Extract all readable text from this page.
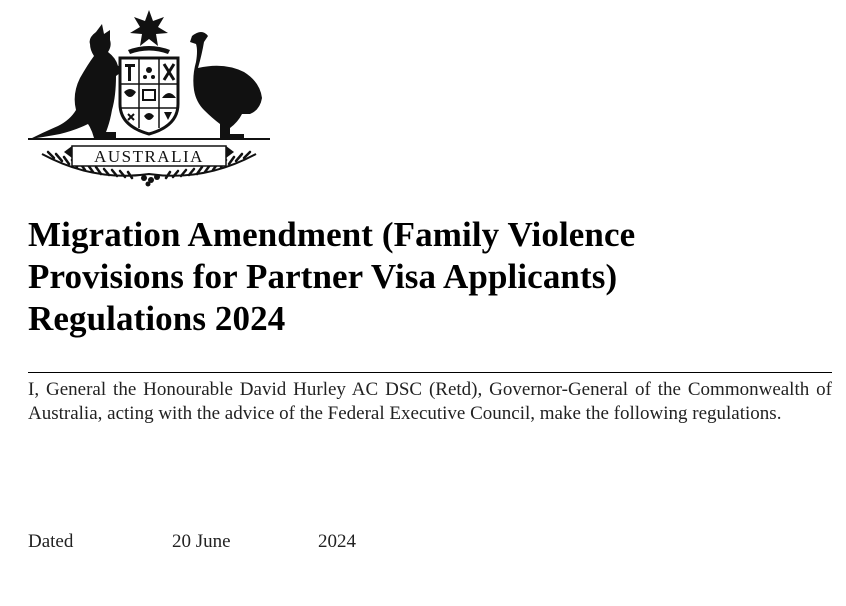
AUSTRALIA
Migration Amendment (Family Violence
Provisions for Partner Visa Applicants)
Regulations 2024

I, General the Honourable David Hurley AC DSC (Retd), Governor-General of the Commonwealth of Australia, acting with the advice of the Federal Executive Council, make the following regulations.

Dated	20 June	2024
